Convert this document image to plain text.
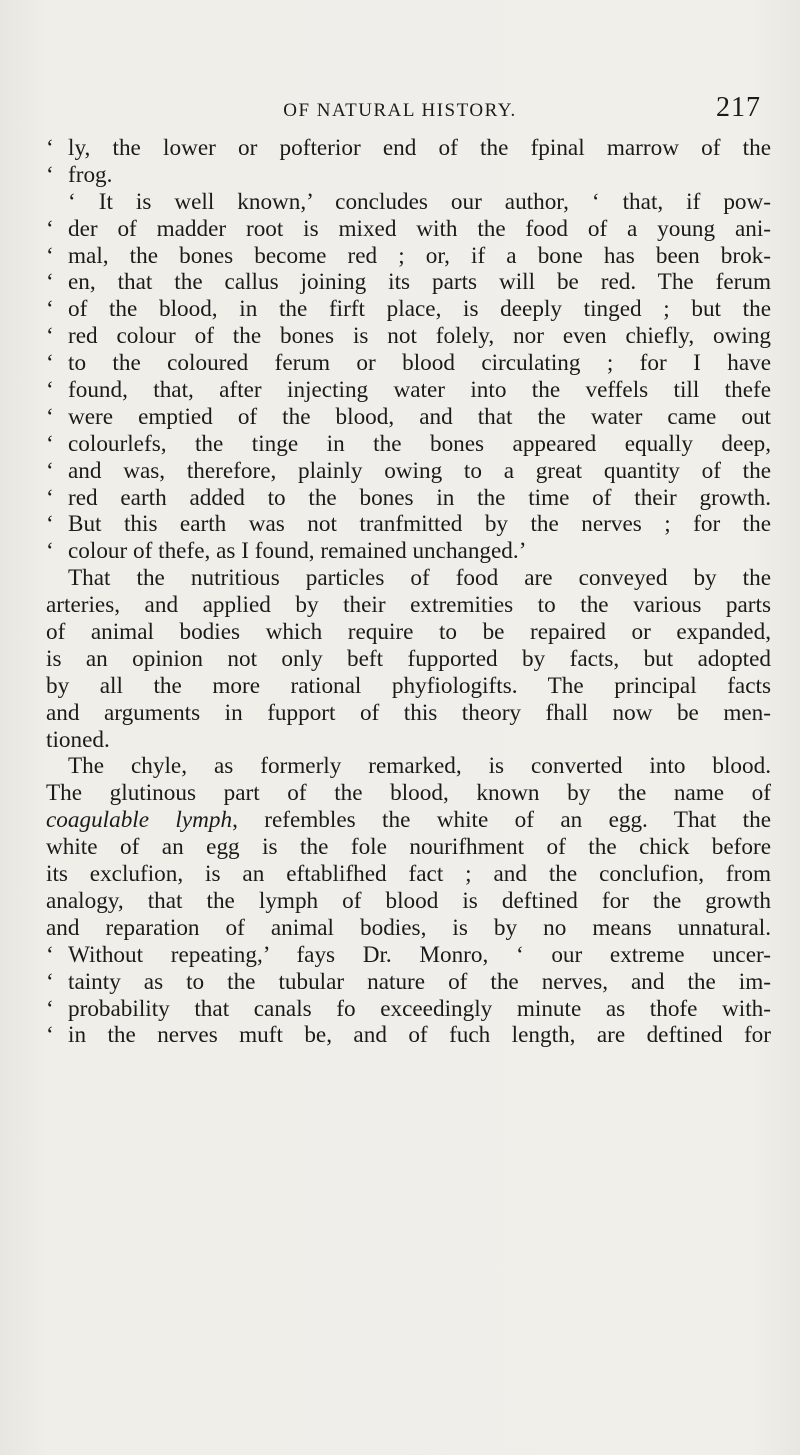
OF NATURAL HISTORY.	217
‘ ly, the lower or pofterior end of the fpinal marrow of the
‘ frog.
‘ It is well known,’ concludes our author, ‘ that, if pow-
‘ der of madder root is mixed with the food of a young ani-
‘ mal, the bones become red ; or, if a bone has been brok-
‘ en, that the callus joining its parts will be red. The ferum
‘ of the blood, in the firft place, is deeply tinged ; but the
‘ red colour of the bones is not folely, nor even chiefly, owing
‘ to the coloured ferum or blood circulating ; for I have
‘ found, that, after injecting water into the veffels till thefe
‘ were emptied of the blood, and that the water came out
‘ colourlefs, the tinge in the bones appeared equally deep,
‘ and was, therefore, plainly owing to a great quantity of the
‘ red earth added to the bones in the time of their growth.
‘ But this earth was not tranfmitted by the nerves ; for the
‘ colour of thefe, as I found, remained unchanged.’
That the nutritious particles of food are conveyed by the
arteries, and applied by their extremities to the various parts
of animal bodies which require to be repaired or expanded,
is an opinion not only beft fupported by facts, but adopted
by all the more rational phyfiologifts. The principal facts
and arguments in fupport of this theory fhall now be men-
tioned.
The chyle, as formerly remarked, is converted into blood.
The glutinous part of the blood, known by the name of
coagulable lymph, refembles the white of an egg. That the
white of an egg is the fole nourifhment of the chick before
its exclufion, is an eftablifhed fact ; and the conclufion, from
analogy, that the lymph of blood is deftined for the growth
and reparation of animal bodies, is by no means unnatural.
‘ Without repeating,’ fays Dr. Monro, ‘ our extreme uncer-
‘ tainty as to the tubular nature of the nerves, and the im-
‘ probability that canals fo exceedingly minute as thofe with-
‘ in the nerves muft be, and of fuch length, are deftined for
